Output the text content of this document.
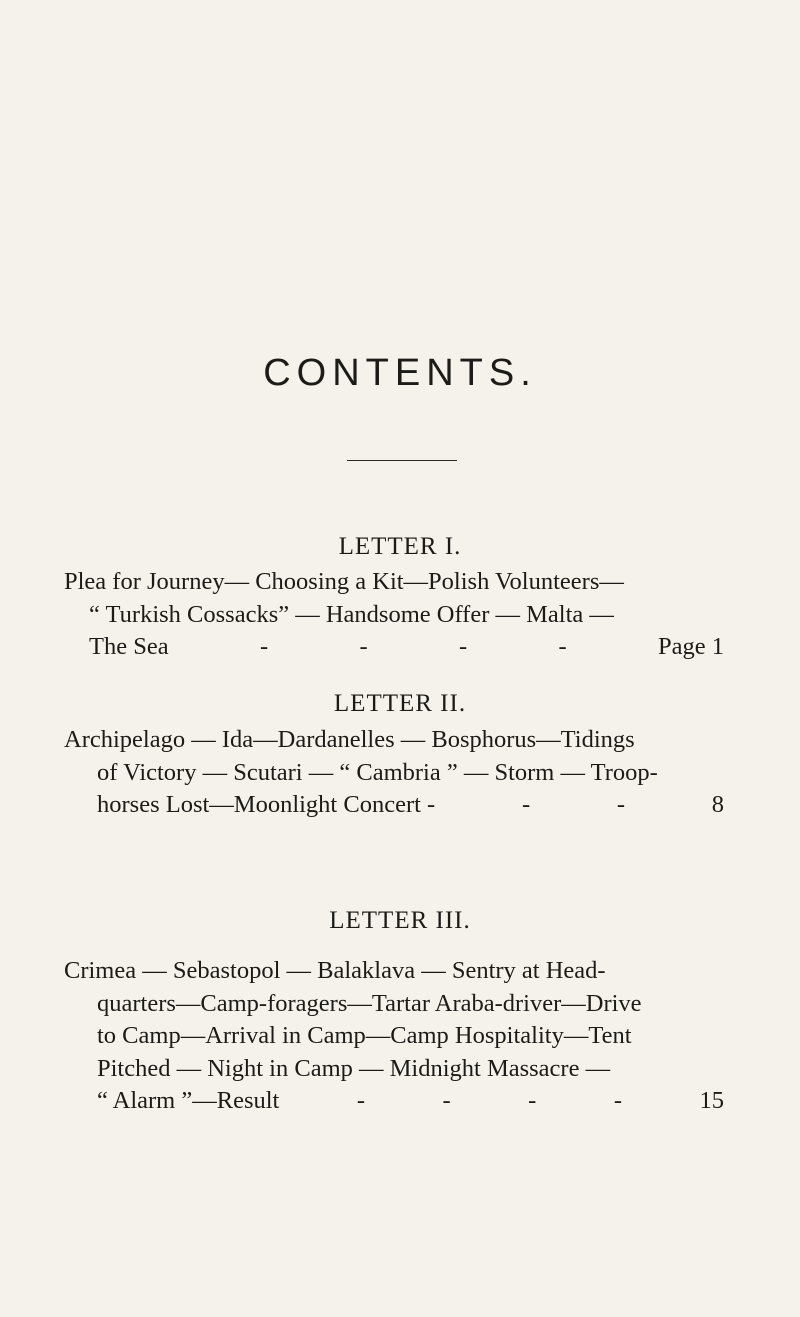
CONTENTS.
LETTER I.
Plea for Journey— Choosing a Kit—Polish Volunteers—
“ Turkish Cossacks” — Handsome Offer — Malta —
The Sea	-	-	-	-	Page 1
LETTER II.
Archipelago — Ida—Dardanelles — Bosphorus—Tidings
of Victory — Scutari — “ Cambria ” — Storm — Troop-
horses Lost—Moonlight Concert -	-	-	8
LETTER III.
Crimea — Sebastopol — Balaklava — Sentry at Head-
quarters—Camp-foragers—Tartar Araba-driver—Drive
to Camp—Arrival in Camp—Camp Hospitality—Tent
Pitched — Night in Camp — Midnight Massacre —
“ Alarm ”—Result	-	-	-	-	15
